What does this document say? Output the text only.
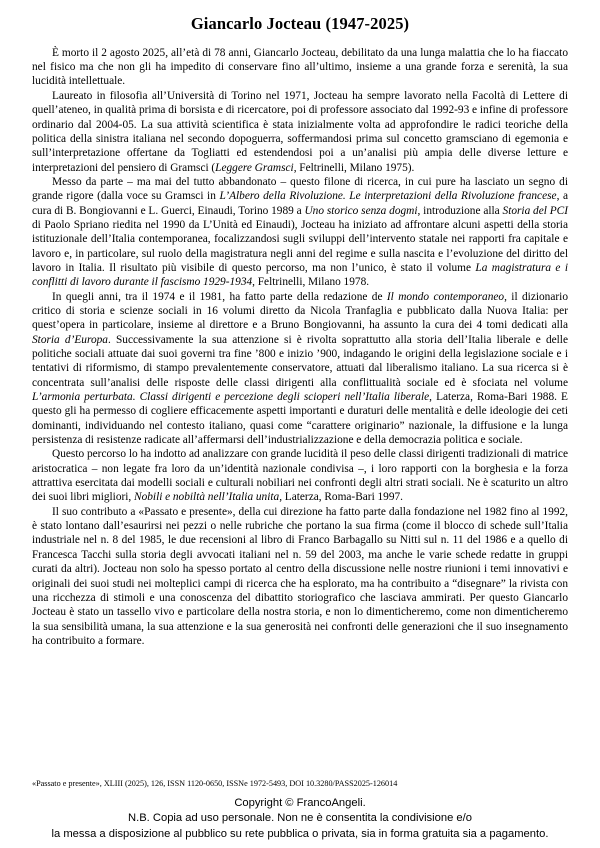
Giancarlo Jocteau (1947-2025)

È morto il 2 agosto 2025, all’età di 78 anni, Giancarlo Jocteau, debilitato da una lunga malattia che lo ha fiaccato nel fisico ma che non gli ha impedito di conservare fino all’ultimo, insieme a una grande forza e serenità, la sua lucidità intellettuale.

Laureato in filosofia all’Università di Torino nel 1971, Jocteau ha sempre lavorato nella Facoltà di Lettere di quell’ateneo, in qualità prima di borsista e di ricercatore, poi di professore associato dal 1992-93 e infine di professore ordinario dal 2004-05. La sua attività scientifica è stata inizialmente volta ad approfondire le radici teoriche della politica della sinistra italiana nel secondo dopoguerra, soffermandosi prima sul concetto gramsciano di egemonia e sull’interpretazione offertane da Togliatti ed estendendosi poi a un’analisi più ampia delle diverse letture e interpretazioni del pensiero di Gramsci (Leggere Gramsci, Feltrinelli, Milano 1975).

Messo da parte – ma mai del tutto abbandonato – questo filone di ricerca, in cui pure ha lasciato un segno di grande rigore (dalla voce su Gramsci in L’Albero della Rivoluzione. Le interpretazioni della Rivoluzione francese, a cura di B. Bongiovanni e L. Guerci, Einaudi, Torino 1989 a Uno storico senza dogmi, introduzione alla Storia del PCI di Paolo Spriano riedita nel 1990 da L’Unità ed Einaudi), Jocteau ha iniziato ad affrontare alcuni aspetti della storia istituzionale dell’Italia contemporanea, focalizzandosi sugli sviluppi dell’intervento statale nei rapporti fra capitale e lavoro e, in particolare, sul ruolo della magistratura negli anni del regime e sulla nascita e l’evoluzione del diritto del lavoro in Italia. Il risultato più visibile di questo percorso, ma non l’unico, è stato il volume La magistratura e i conflitti di lavoro durante il fascismo 1929-1934, Feltrinelli, Milano 1978.

In quegli anni, tra il 1974 e il 1981, ha fatto parte della redazione de Il mondo contemporaneo, il dizionario critico di storia e scienze sociali in 16 volumi diretto da Nicola Tranfaglia e pubblicato dalla Nuova Italia: per quest’opera in particolare, insieme al direttore e a Bruno Bongiovanni, ha assunto la cura dei 4 tomi dedicati alla Storia d’Europa. Successivamente la sua attenzione si è rivolta soprattutto alla storia dell’Italia liberale e delle politiche sociali attuate dai suoi governi tra fine ’800 e inizio ’900, indagando le origini della legislazione sociale e i tentativi di riformismo, di stampo prevalentemente conservatore, attuati dal liberalismo italiano. La sua ricerca si è concentrata sull’analisi delle risposte delle classi dirigenti alla conflittualità sociale ed è sfociata nel volume L’armonia perturbata. Classi dirigenti e percezione degli scioperi nell’Italia liberale, Laterza, Roma-Bari 1988. E questo gli ha permesso di cogliere efficacemente aspetti importanti e duraturi delle mentalità e delle ideologie dei ceti dominanti, individuando nel contesto italiano, quasi come “carattere originario” nazionale, la diffusione e la lunga persistenza di resistenze radicate all’affermarsi dell’industrializzazione e della democrazia politica e sociale.

Questo percorso lo ha indotto ad analizzare con grande lucidità il peso delle classi dirigenti tradizionali di matrice aristocratica – non legate fra loro da un’identità nazionale condivisa –, i loro rapporti con la borghesia e la forza attrattiva esercitata dai modelli sociali e culturali nobiliari nei confronti degli altri strati sociali. Ne è scaturito un altro dei suoi libri migliori, Nobili e nobiltà nell’Italia unita, Laterza, Roma-Bari 1997.

Il suo contributo a «Passato e presente», della cui direzione ha fatto parte dalla fondazione nel 1982 fino al 1992, è stato lontano dall’esaurirsi nei pezzi o nelle rubriche che portano la sua firma (come il blocco di schede sull’Italia industriale nel n. 8 del 1985, le due recensioni al libro di Franco Barbagallo su Nitti sul n. 11 del 1986 e a quello di Francesca Tacchi sulla storia degli avvocati italiani nel n. 59 del 2003, ma anche le varie schede redatte in gruppi curati da altri). Jocteau non solo ha spesso portato al centro della discussione nelle nostre riunioni i temi innovativi e originali dei suoi studi nei molteplici campi di ricerca che ha esplorato, ma ha contribuito a “disegnare” la rivista con una ricchezza di stimoli e una conoscenza del dibattito storiografico che lasciava ammirati. Per questo Giancarlo Jocteau è stato un tassello vivo e particolare della nostra storia, e non lo dimenticheremo, come non dimenticheremo la sua sensibilità umana, la sua attenzione e la sua generosità nei confronti delle generazioni che il suo insegnamento ha contribuito a formare.

«Passato e presente», XLIII (2025), 126, ISSN 1120-0650, ISSNe 1972-5493, DOI 10.3280/PASS2025-126014
Copyright © FrancoAngeli.
N.B. Copia ad uso personale. Non ne è consentita la condivisione e/o
la messa a disposizione al pubblico su rete pubblica o privata, sia in forma gratuita sia a pagamento.
